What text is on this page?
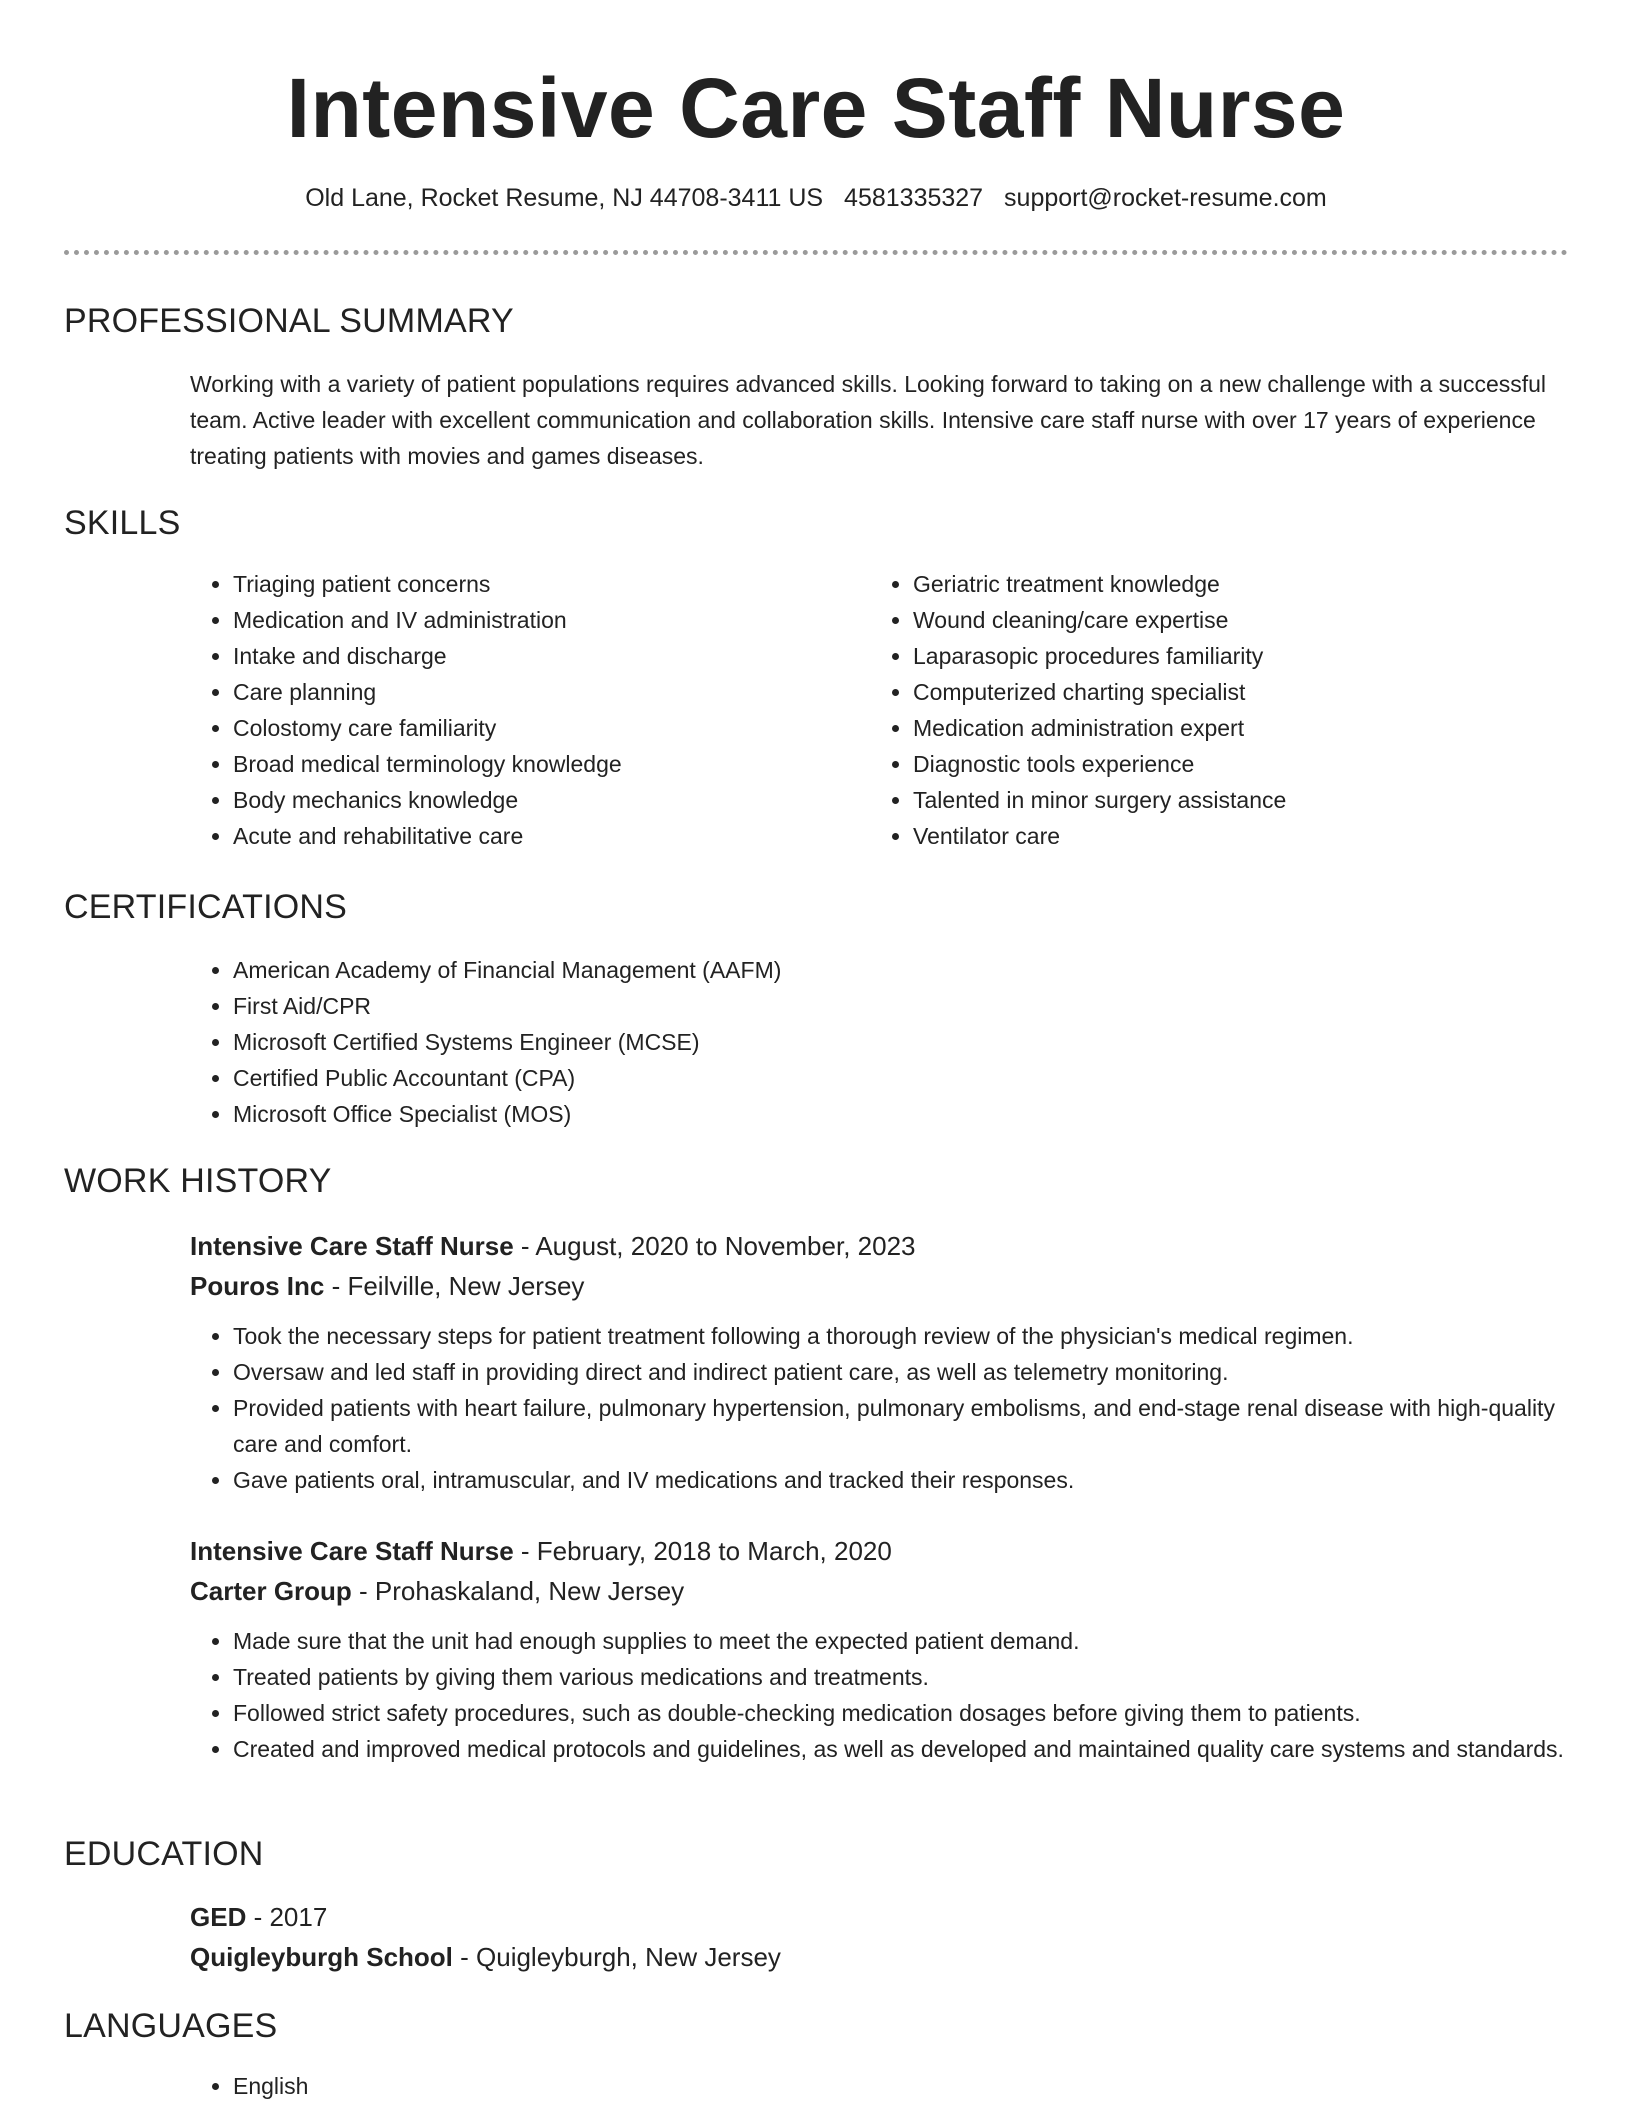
Intensive Care Staff Nurse
Old Lane, Rocket Resume, NJ 44708-3411 US 4581335327 support@rocket-resume.com
PROFESSIONAL SUMMARY
Working with a variety of patient populations requires advanced skills. Looking forward to taking on a new challenge with a successful team. Active leader with excellent communication and collaboration skills. Intensive care staff nurse with over 17 years of experience treating patients with movies and games diseases.
SKILLS
• Triaging patient concerns
• Medication and IV administration
• Intake and discharge
• Care planning
• Colostomy care familiarity
• Broad medical terminology knowledge
• Body mechanics knowledge
• Acute and rehabilitative care
• Geriatric treatment knowledge
• Wound cleaning/care expertise
• Laparasopic procedures familiarity
• Computerized charting specialist
• Medication administration expert
• Diagnostic tools experience
• Talented in minor surgery assistance
• Ventilator care
CERTIFICATIONS
• American Academy of Financial Management (AAFM)
• First Aid/CPR
• Microsoft Certified Systems Engineer (MCSE)
• Certified Public Accountant (CPA)
• Microsoft Office Specialist (MOS)
WORK HISTORY
Intensive Care Staff Nurse - August, 2020 to November, 2023
Pouros Inc - Feilville, New Jersey
• Took the necessary steps for patient treatment following a thorough review of the physician's medical regimen.
• Oversaw and led staff in providing direct and indirect patient care, as well as telemetry monitoring.
• Provided patients with heart failure, pulmonary hypertension, pulmonary embolisms, and end-stage renal disease with high-quality care and comfort.
• Gave patients oral, intramuscular, and IV medications and tracked their responses.
Intensive Care Staff Nurse - February, 2018 to March, 2020
Carter Group - Prohaskaland, New Jersey
• Made sure that the unit had enough supplies to meet the expected patient demand.
• Treated patients by giving them various medications and treatments.
• Followed strict safety procedures, such as double-checking medication dosages before giving them to patients.
• Created and improved medical protocols and guidelines, as well as developed and maintained quality care systems and standards.
EDUCATION
GED - 2017
Quigleyburgh School - Quigleyburgh, New Jersey
LANGUAGES
• English
